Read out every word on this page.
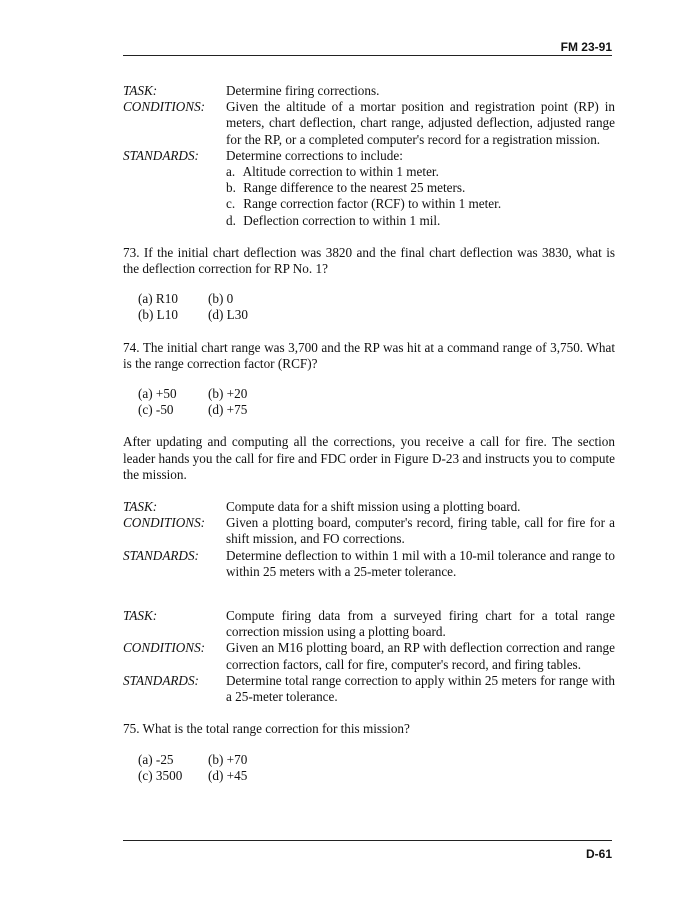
FM 23-91
TASK:	Determine firing corrections.
CONDITIONS:	Given the altitude of a mortar position and registration point (RP) in meters, chart deflection, chart range, adjusted deflection, adjusted range for the RP, or a completed computer's record for a registration mission.
STANDARDS:	Determine corrections to include:
a. Altitude correction to within 1 meter.
b. Range difference to the nearest 25 meters.
c. Range correction factor (RCF) to within 1 meter.
d. Deflection correction to within 1 mil.

73. If the initial chart deflection was 3820 and the final chart deflection was 3830, what is the deflection correction for RP No. 1?

(a) R10 (b) 0
(b) L10 (d) L30

74. The initial chart range was 3,700 and the RP was hit at a command range of 3,750. What is the range correction factor (RCF)?

(a) +50 (b) +20
(c) -50	(d) +75

After updating and computing all the corrections, you receive a call for fire. The section leader hands you the call for fire and FDC order in Figure D-23 and instructs you to compute the mission.

TASK:	Compute data for a shift mission using a plotting board.
CONDITIONS:	Given a plotting board, computer's record, firing table, call for fire for a shift mission, and FO corrections.
STANDARDS:	Determine deflection to within 1 mil with a 10-mil tolerance and range to within 25 meters with a 25-meter tolerance.
TASK:	Compute firing data from a surveyed firing chart for a total range correction mission using a plotting board.
CONDITIONS:	Given an M16 plotting board, an RP with deflection correction and range correction factors, call for fire, computer's record, and firing tables.
STANDARDS:	Determine total range correction to apply within 25 meters for range with a 25-meter tolerance.

75. What is the total range correction for this mission?

(a) -25	(b) +70
(c) 3500 (d) +45
D-61
